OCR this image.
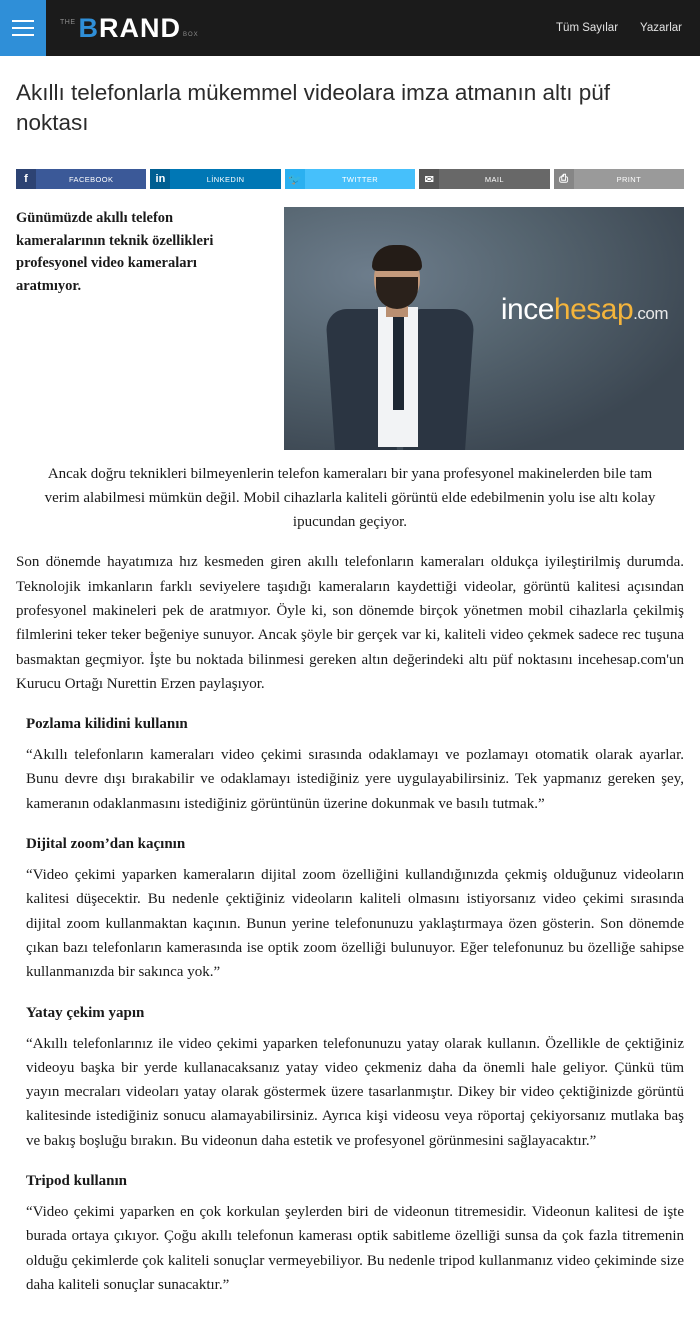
THE BRAND BOX
Tüm Sayılar Yazarlar
Akıllı telefonlarla mükemmel videolara imza atmanın altı püf noktası
f	FACEBOOK	in	LİNKEDIN	🐦	TWITTER	✉	MAIL	⎙	PRINT
incehesap.com
Günümüzde akıllı telefon kameralarının teknik özellikleri profesyonel video kameraları aratmıyor.

Ancak doğru teknikleri bilmeyenlerin telefon kameraları bir yana profesyonel makinelerden bile tam verim alabilmesi mümkün değil. Mobil cihazlarla kaliteli görüntü elde edebilmenin yolu ise altı kolay ipucundan geçiyor.

Son dönemde hayatımıza hız kesmeden giren akıllı telefonların kameraları oldukça iyileştirilmiş durumda. Teknolojik imkanların farklı seviyelere taşıdığı kameraların kaydettiği videolar, görüntü kalitesi açısından profesyonel makineleri pek de aratmıyor. Öyle ki, son dönemde birçok yönetmen mobil cihazlarla çekilmiş filmlerini teker teker beğeniye sunuyor. Ancak şöyle bir gerçek var ki, kaliteli video çekmek sadece rec tuşuna basmaktan geçmiyor. İşte bu noktada bilinmesi gereken altın değerindeki altı püf noktasını incehesap.com'un Kurucu Ortağı Nurettin Erzen paylaşıyor.

Pozlama kilidini kullanın

“Akıllı telefonların kameraları video çekimi sırasında odaklamayı ve pozlamayı otomatik olarak ayarlar. Bunu devre dışı bırakabilir ve odaklamayı istediğiniz yere uygulayabilirsiniz. Tek yapmanız gereken şey, kameranın odaklanmasını istediğiniz görüntünün üzerine dokunmak ve basılı tutmak.”

Dijital zoom’dan kaçının

“Video çekimi yaparken kameraların dijital zoom özelliğini kullandığınızda çekmiş olduğunuz videoların kalitesi düşecektir. Bu nedenle çektiğiniz videoların kaliteli olmasını istiyorsanız video çekimi sırasında dijital zoom kullanmaktan kaçının. Bunun yerine telefonunuzu yaklaştırmaya özen gösterin. Son dönemde çıkan bazı telefonların kamerasında ise optik zoom özelliği bulunuyor. Eğer telefonunuz bu özelliğe sahipse kullanmanızda bir sakınca yok.”

Yatay çekim yapın

“Akıllı telefonlarınız ile video çekimi yaparken telefonunuzu yatay olarak kullanın. Özellikle de çektiğiniz videoyu başka bir yerde kullanacaksanız yatay video çekmeniz daha da önemli hale geliyor. Çünkü tüm yayın mecraları videoları yatay olarak göstermek üzere tasarlanmıştır. Dikey bir video çektiğinizde görüntü kalitesinde istediğiniz sonucu alamayabilirsiniz. Ayrıca kişi videosu veya röportaj çekiyorsanız mutlaka baş ve bakış boşluğu bırakın. Bu videonun daha estetik ve profesyonel görünmesini sağlayacaktır.”

Tripod kullanın

“Video çekimi yaparken en çok korkulan şeylerden biri de videonun titremesidir. Videonun kalitesi de işte burada ortaya çıkıyor. Çoğu akıllı telefonun kamerası optik sabitleme özelliği sunsa da çok fazla titremenin olduğu çekimlerde çok kaliteli sonuçlar vermeyebiliyor. Bu nedenle tripod kullanmanız video çekiminde size daha kaliteli sonuçlar sunacaktır.”
